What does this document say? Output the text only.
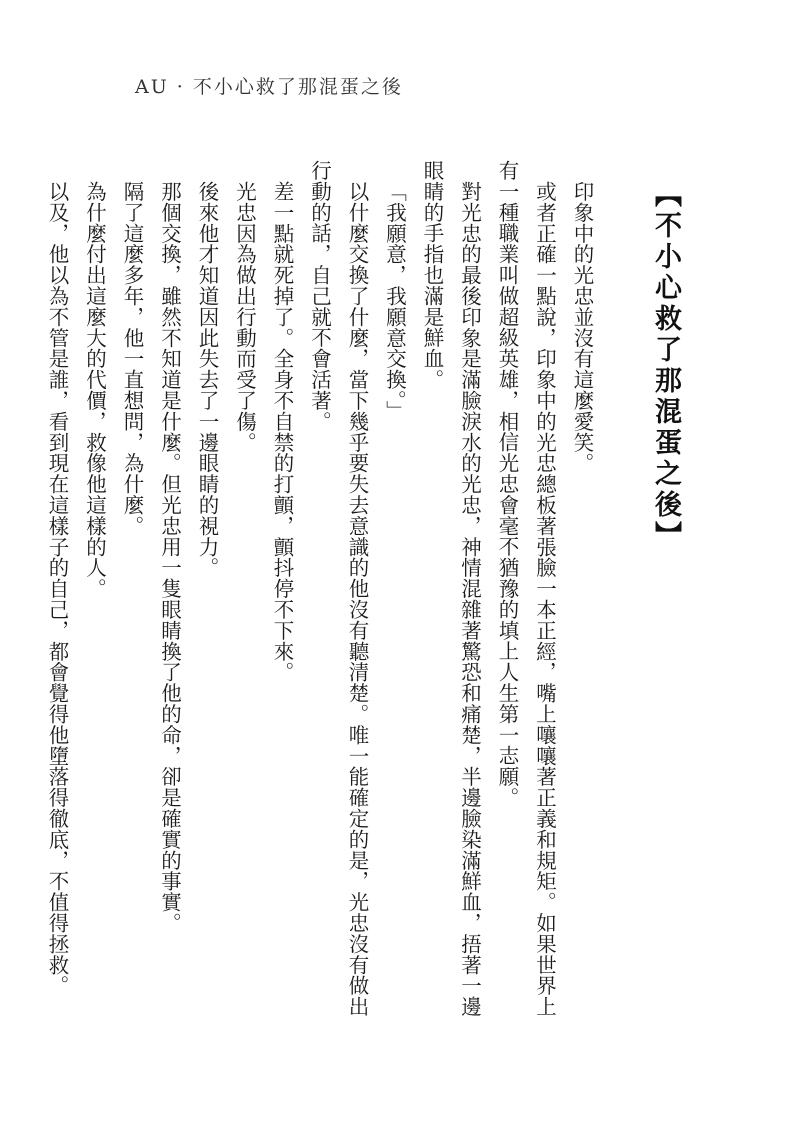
AU · 不小心救了那混蛋之後
【不小心救了那混蛋之後】

印象中的光忠並沒有這麼愛笑。

或者正確一點說，印象中的光忠總板著張臉一本正經，嘴上嚷嚷著正義和規矩。如果世界上有一種職業叫做超級英雄，相信光忠會毫不猶豫的填上人生第一志願。

對光忠的最後印象是滿臉淚水的光忠，神情混雜著驚恐和痛楚，半邊臉染滿鮮血，捂著一邊眼睛的手指也滿是鮮血。

「我願意，我願意交換。」

以什麼交換了什麼，當下幾乎要失去意識的他沒有聽清楚。唯一能確定的是，光忠沒有做出行動的話，自己就不會活著。

差一點就死掉了。全身不自禁的打顫，顫抖停不下來。

光忠因為做出行動而受了傷。

後來他才知道因此失去了一邊眼睛的視力。

那個交換，雖然不知道是什麼。但光忠用一隻眼睛換了他的命，卻是確實的事實。

隔了這麼多年，他一直想問，為什麼。

為什麼付出這麼大的代價，救像他這樣的人。

以及，他以為不管是誰，看到現在這樣子的自己，都會覺得他墮落得徹底，不值得拯救。
